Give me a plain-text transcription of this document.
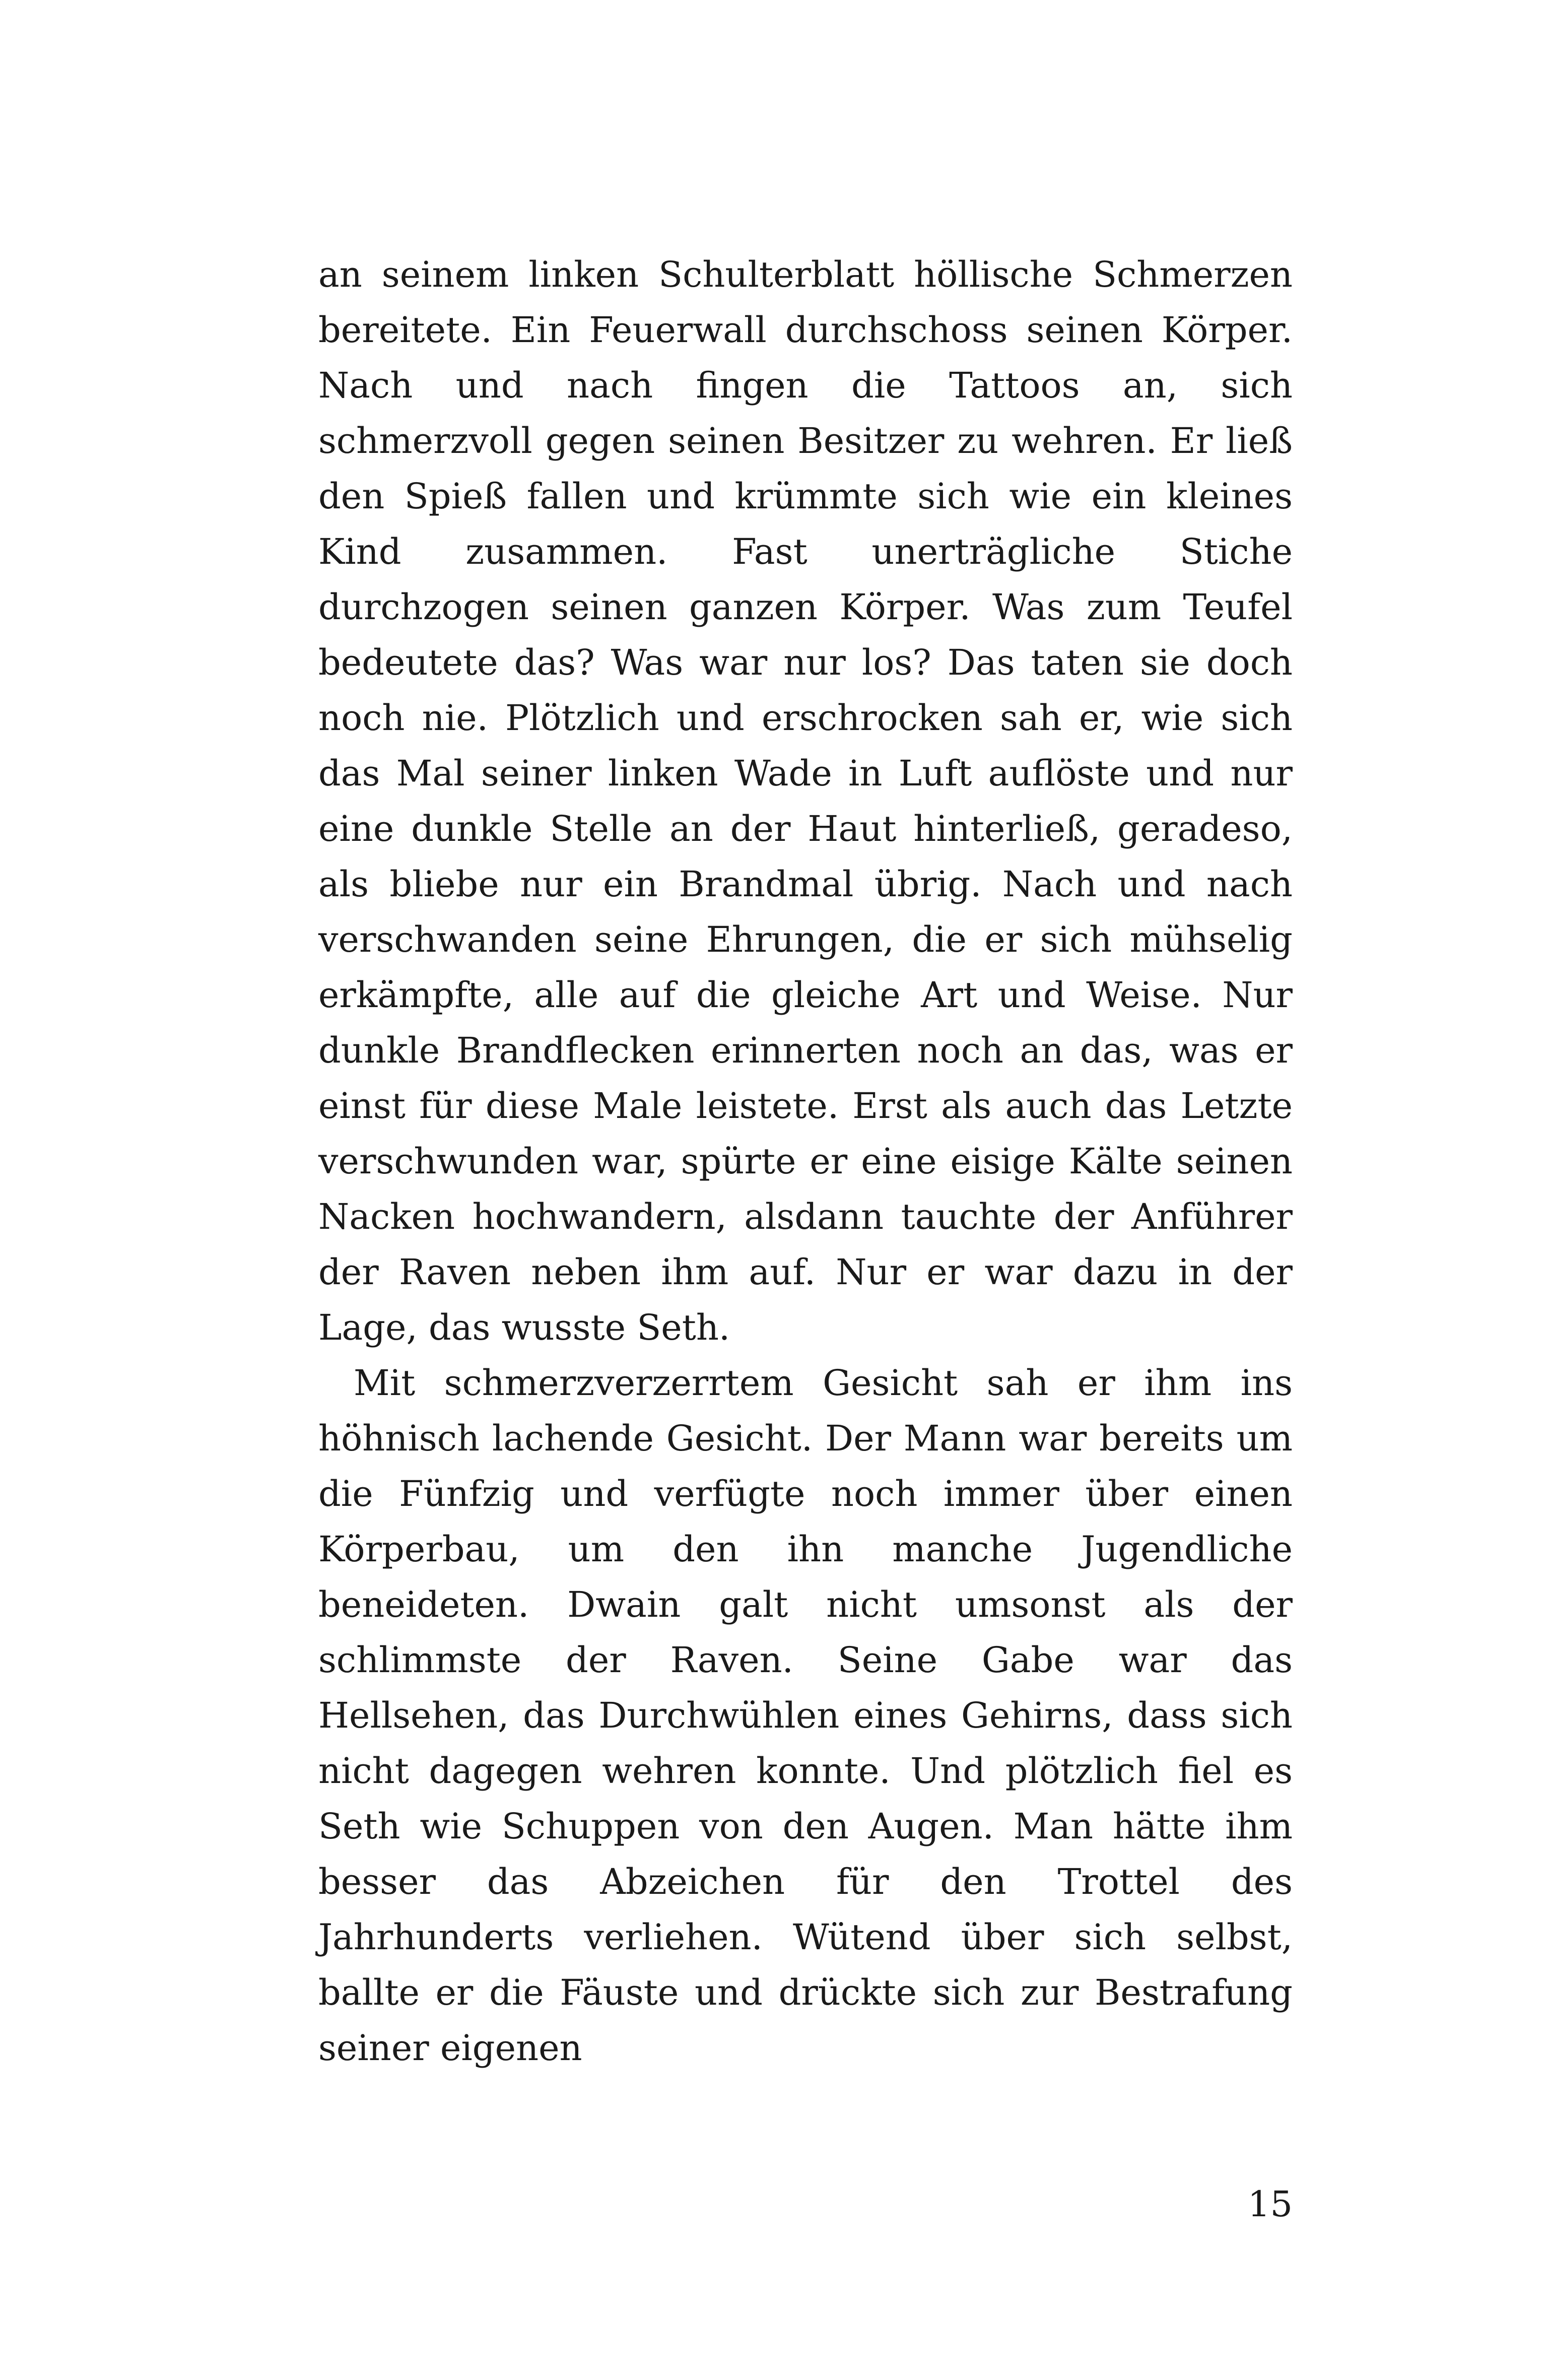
an seinem linken Schulterblatt höllische Schmerzen bereitete. Ein Feuerwall durchschoss seinen Körper. Nach und nach fingen die Tattoos an, sich schmerzvoll gegen seinen Besitzer zu wehren. Er ließ den Spieß fallen und krümmte sich wie ein kleines Kind zusammen. Fast unerträgliche Stiche durchzogen seinen ganzen Körper. Was zum Teufel bedeutete das? Was war nur los? Das taten sie doch noch nie. Plötzlich und erschrocken sah er, wie sich das Mal seiner linken Wade in Luft auflöste und nur eine dunkle Stelle an der Haut hinterließ, geradeso, als bliebe nur ein Brandmal übrig. Nach und nach verschwanden seine Ehrungen, die er sich mühselig erkämpfte, alle auf die gleiche Art und Weise. Nur dunkle Brandflecken erinnerten noch an das, was er einst für diese Male leistete. Erst als auch das Letzte verschwunden war, spürte er eine eisige Kälte seinen Nacken hochwandern, alsdann tauchte der Anführer der Raven neben ihm auf. Nur er war dazu in der Lage, das wusste Seth.

Mit schmerzverzerrtem Gesicht sah er ihm ins höhnisch lachende Gesicht. Der Mann war bereits um die Fünfzig und verfügte noch immer über einen Körperbau, um den ihn manche Jugendliche beneideten. Dwain galt nicht umsonst als der schlimmste der Raven. Seine Gabe war das Hellsehen, das Durchwühlen eines Gehirns, dass sich nicht dagegen wehren konnte. Und plötzlich fiel es Seth wie Schuppen von den Augen. Man hätte ihm besser das Abzeichen für den Trottel des Jahrhunderts verliehen. Wütend über sich selbst, ballte er die Fäuste und drückte sich zur Bestrafung seiner eigenen

15
